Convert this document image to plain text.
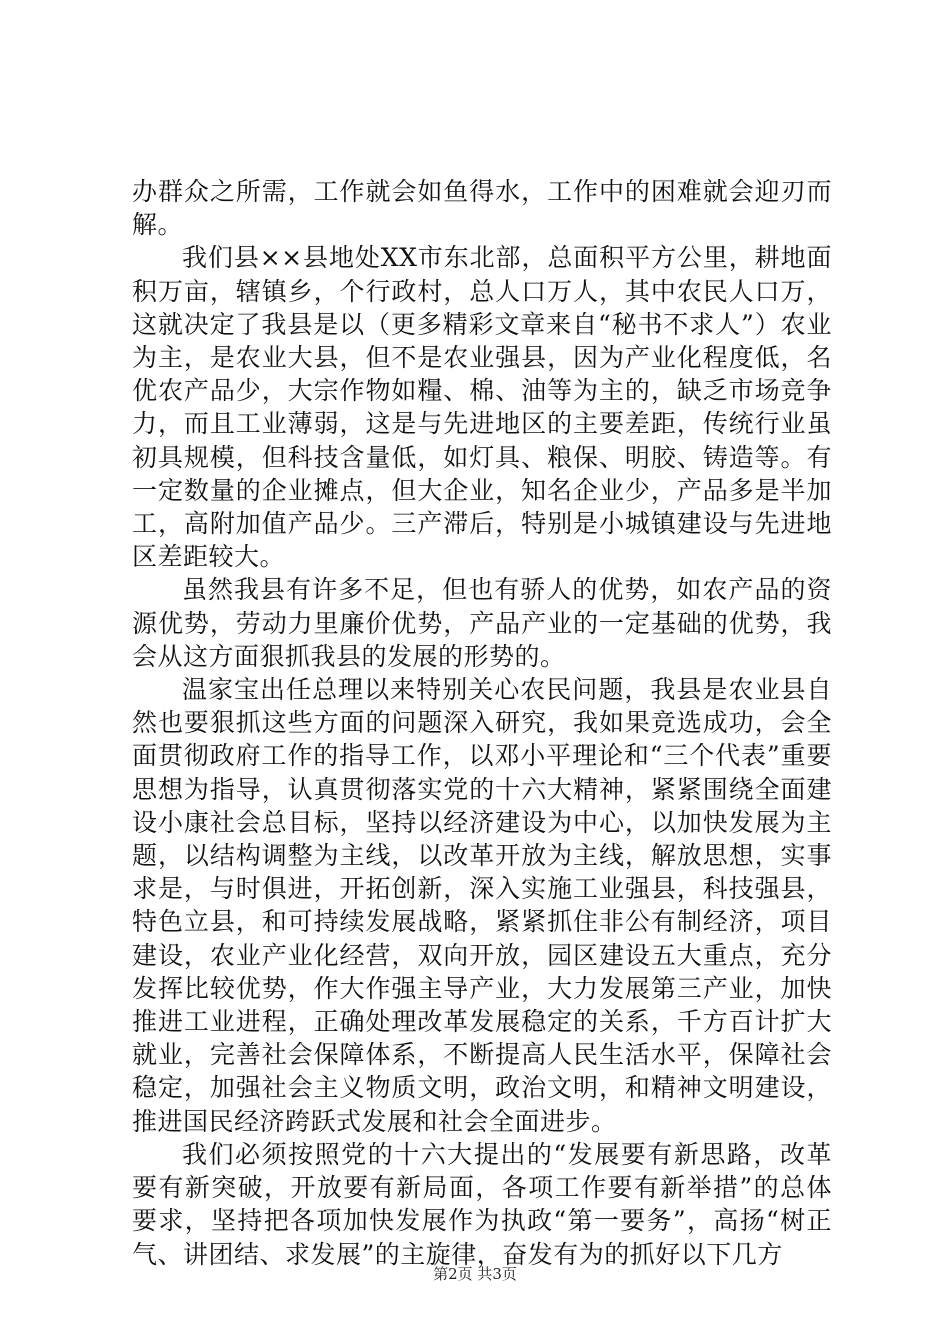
办群众之所需，工作就会如鱼得水，工作中的困难就会迎刃而解。

我们县××县地处XX市东北部，总面积平方公里，耕地面积万亩，辖镇乡，个行政村，总人口万人，其中农民人口万，这就决定了我县是以（更多精彩文章来自“秘书不求人”）农业为主，是农业大县，但不是农业强县，因为产业化程度低，名优农产品少，大宗作物如糧、棉、油等为主的，缺乏市场竞争力，而且工业薄弱，这是与先进地区的主要差距，传统行业虽初具规模，但科技含量低，如灯具、粮保、明胶、铸造等。有一定数量的企业摊点，但大企业，知名企业少，产品多是半加工，高附加值产品少。三产滞后，特别是小城镇建设与先进地区差距较大。

虽然我县有许多不足，但也有骄人的优势，如农产品的资源优势，劳动力里廉价优势，产品产业的一定基础的优势，我会从这方面狠抓我县的发展的形势的。

温家宝出任总理以来特别关心农民问题，我县是农业县自然也要狠抓这些方面的问题深入研究，我如果竞选成功，会全面贯彻政府工作的指导工作，以邓小平理论和“三个代表”重要思想为指导，认真贯彻落实党的十六大精神，紧紧围绕全面建设小康社会总目标，坚持以经济建设为中心，以加快发展为主题，以结构调整为主线，以改革开放为主线，解放思想，实事求是，与时俱进，开拓创新，深入实施工业强县，科技强县，特色立县，和可持续发展战略，紧紧抓住非公有制经济，项目建设，农业产业化经营，双向开放，园区建设五大重点，充分发挥比较优势，作大作强主导产业，大力发展第三产业，加快推进工业进程，正确处理改革发展稳定的关系，千方百计扩大就业，完善社会保障体系，不断提高人民生活水平，保障社会稳定，加强社会主义物质文明，政治文明，和精神文明建设，推进国民经济跨跃式发展和社会全面进步。

我们必须按照党的十六大提出的“发展要有新思路，改革要有新突破，开放要有新局面，各项工作要有新举措”的总体要求，坚持把各项加快发展作为执政“第一要务”，高扬“树正气、讲团结、求发展”的主旋律，奋发有为的抓好以下几方

第2页 共3页
